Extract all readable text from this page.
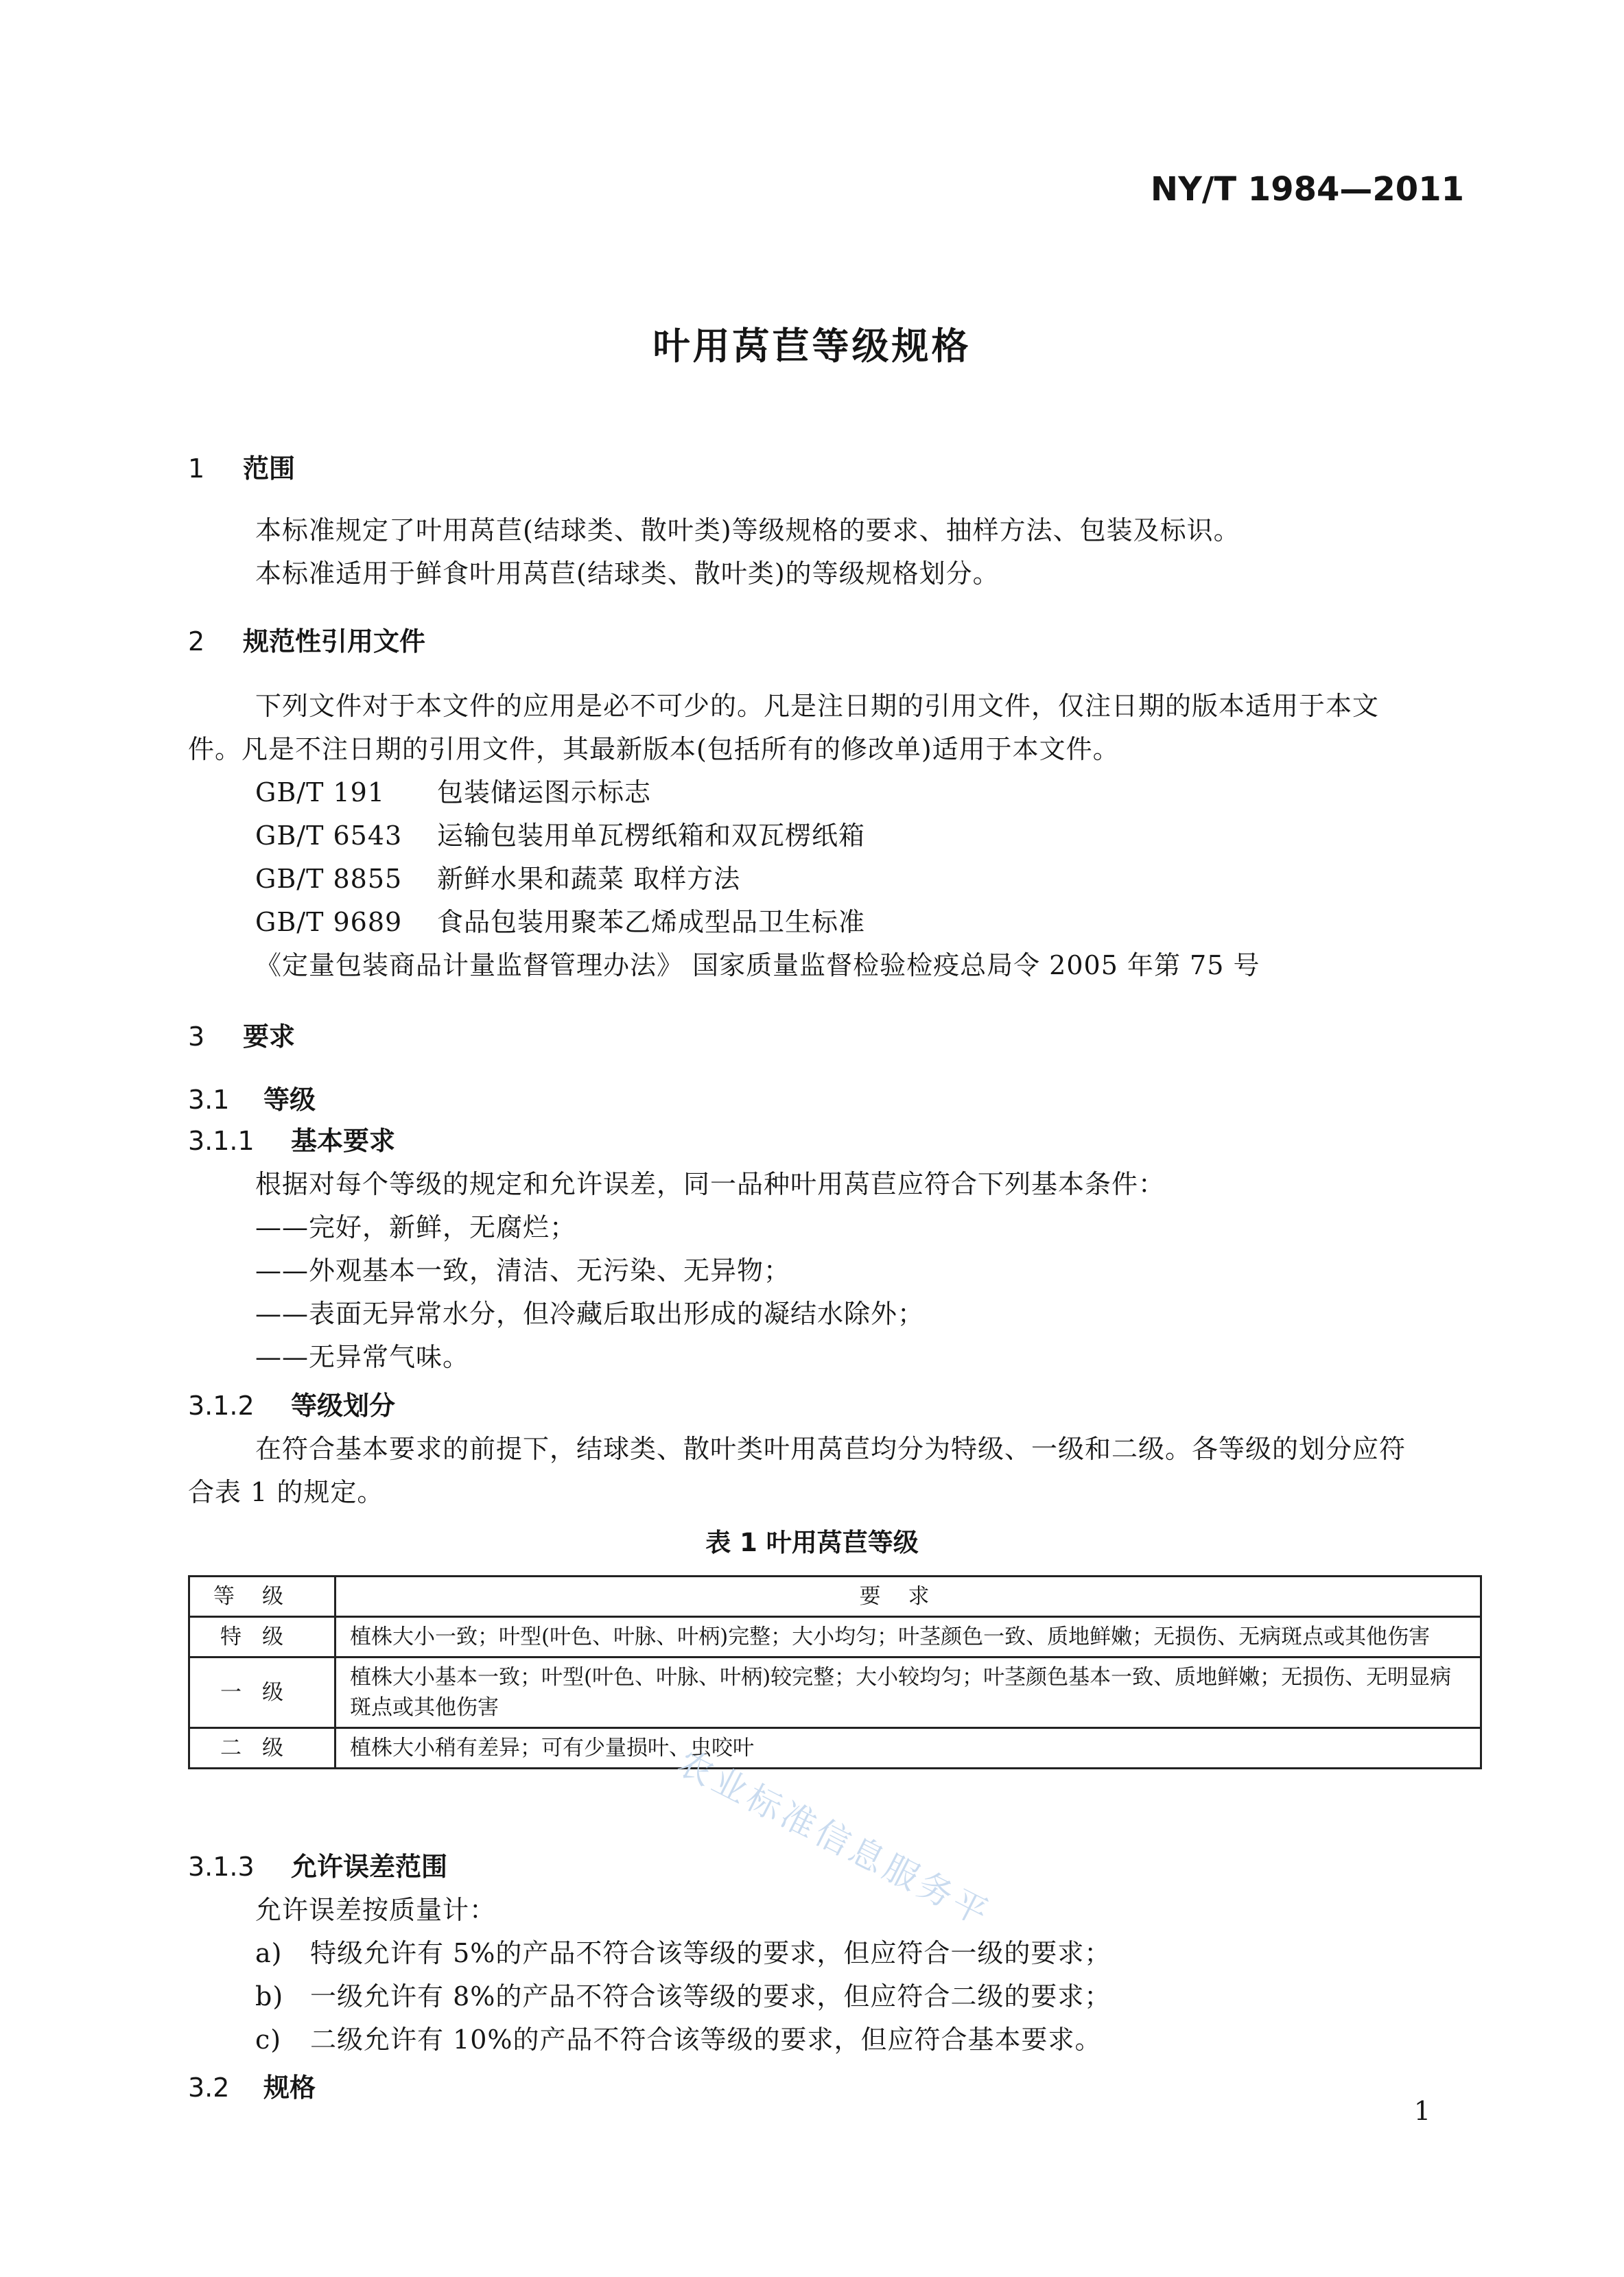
NY/T 1984—2011
叶用莴苣等级规格
1 范围
本标准规定了叶用莴苣(结球类、散叶类)等级规格的要求、抽样方法、包装及标识。
本标准适用于鲜食叶用莴苣(结球类、散叶类)的等级规格划分。
2 规范性引用文件
下列文件对于本文件的应用是必不可少的。凡是注日期的引用文件，仅注日期的版本适用于本文
件。凡是不注日期的引用文件，其最新版本(包括所有的修改单)适用于本文件。
GB/T 191 包装储运图示标志
GB/T 6543 运输包装用单瓦楞纸箱和双瓦楞纸箱
GB/T 8855 新鲜水果和蔬菜 取样方法
GB/T 9689 食品包装用聚苯乙烯成型品卫生标准
《定量包装商品计量监督管理办法》 国家质量监督检验检疫总局令 2005 年第 75 号
3 要求
3.1 等级
3.1.1 基本要求
根据对每个等级的规定和允许误差，同一品种叶用莴苣应符合下列基本条件：
——完好，新鲜，无腐烂；
——外观基本一致，清洁、无污染、无异物；
——表面无异常水分，但冷藏后取出形成的凝结水除外；
——无异常气味。
3.1.2 等级划分
在符合基本要求的前提下，结球类、散叶类叶用莴苣均分为特级、一级和二级。各等级的划分应符
合表 1 的规定。
表 1 叶用莴苣等级
等级	要求
特级	植株大小一致；叶型(叶色、叶脉、叶柄)完整；大小均匀；叶茎颜色一致、质地鲜嫩；无损伤、无病斑点或其他伤害
一级	植株大小基本一致；叶型(叶色、叶脉、叶柄)较完整；大小较均匀；叶茎颜色基本一致、质地鲜嫩；无损伤、无明显病斑点或其他伤害
二级	植株大小稍有差异；可有少量损叶、虫咬叶
3.1.3 允许误差范围
允许误差按质量计：
a) 特级允许有 5%的产品不符合该等级的要求，但应符合一级的要求；
b) 一级允许有 8%的产品不符合该等级的要求，但应符合二级的要求；
c) 二级允许有 10%的产品不符合该等级的要求，但应符合基本要求。
3.2 规格
农业标准信息服务平
1
